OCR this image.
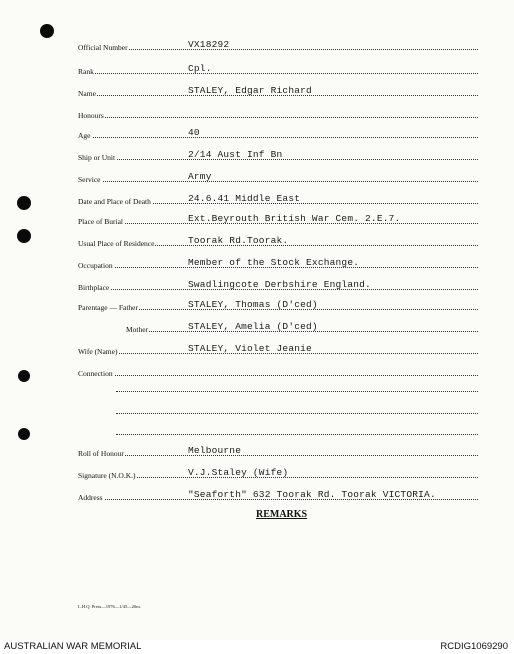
Official Number	VX18292
Rank	Cpl.
Name	STALEY, Edgar Richard
Honours
Age	40
Ship or Unit	2/14 Aust Inf Bn
Service	Army
Date and Place of Death	24.6.41 Middle East
Place of Burial	Ext.Beyrouth British War Cem. 2.E.7.
Usual Place of Residence	Toorak Rd.Toorak.
Occupation	Member of the Stock Exchange.
Birthplace	Swadlingcote Derbshire England.
Parentage — Father	STALEY, Thomas (D'ced)
Mother	STALEY, Amelia (D'ced)
Wife (Name)	STALEY, Violet Jeanie
Connection
Roll of Honour	Melbourne
Signature (N.O.K.)	V.J.Staley (Wife)
Address	"Seaforth" 632 Toorak Rd. Toorak VICTORIA.
REMARKS
L.H.Q. Press—1976—1/45—20m.
AUSTRALIAN WAR MEMORIAL	RCDIG1069290
